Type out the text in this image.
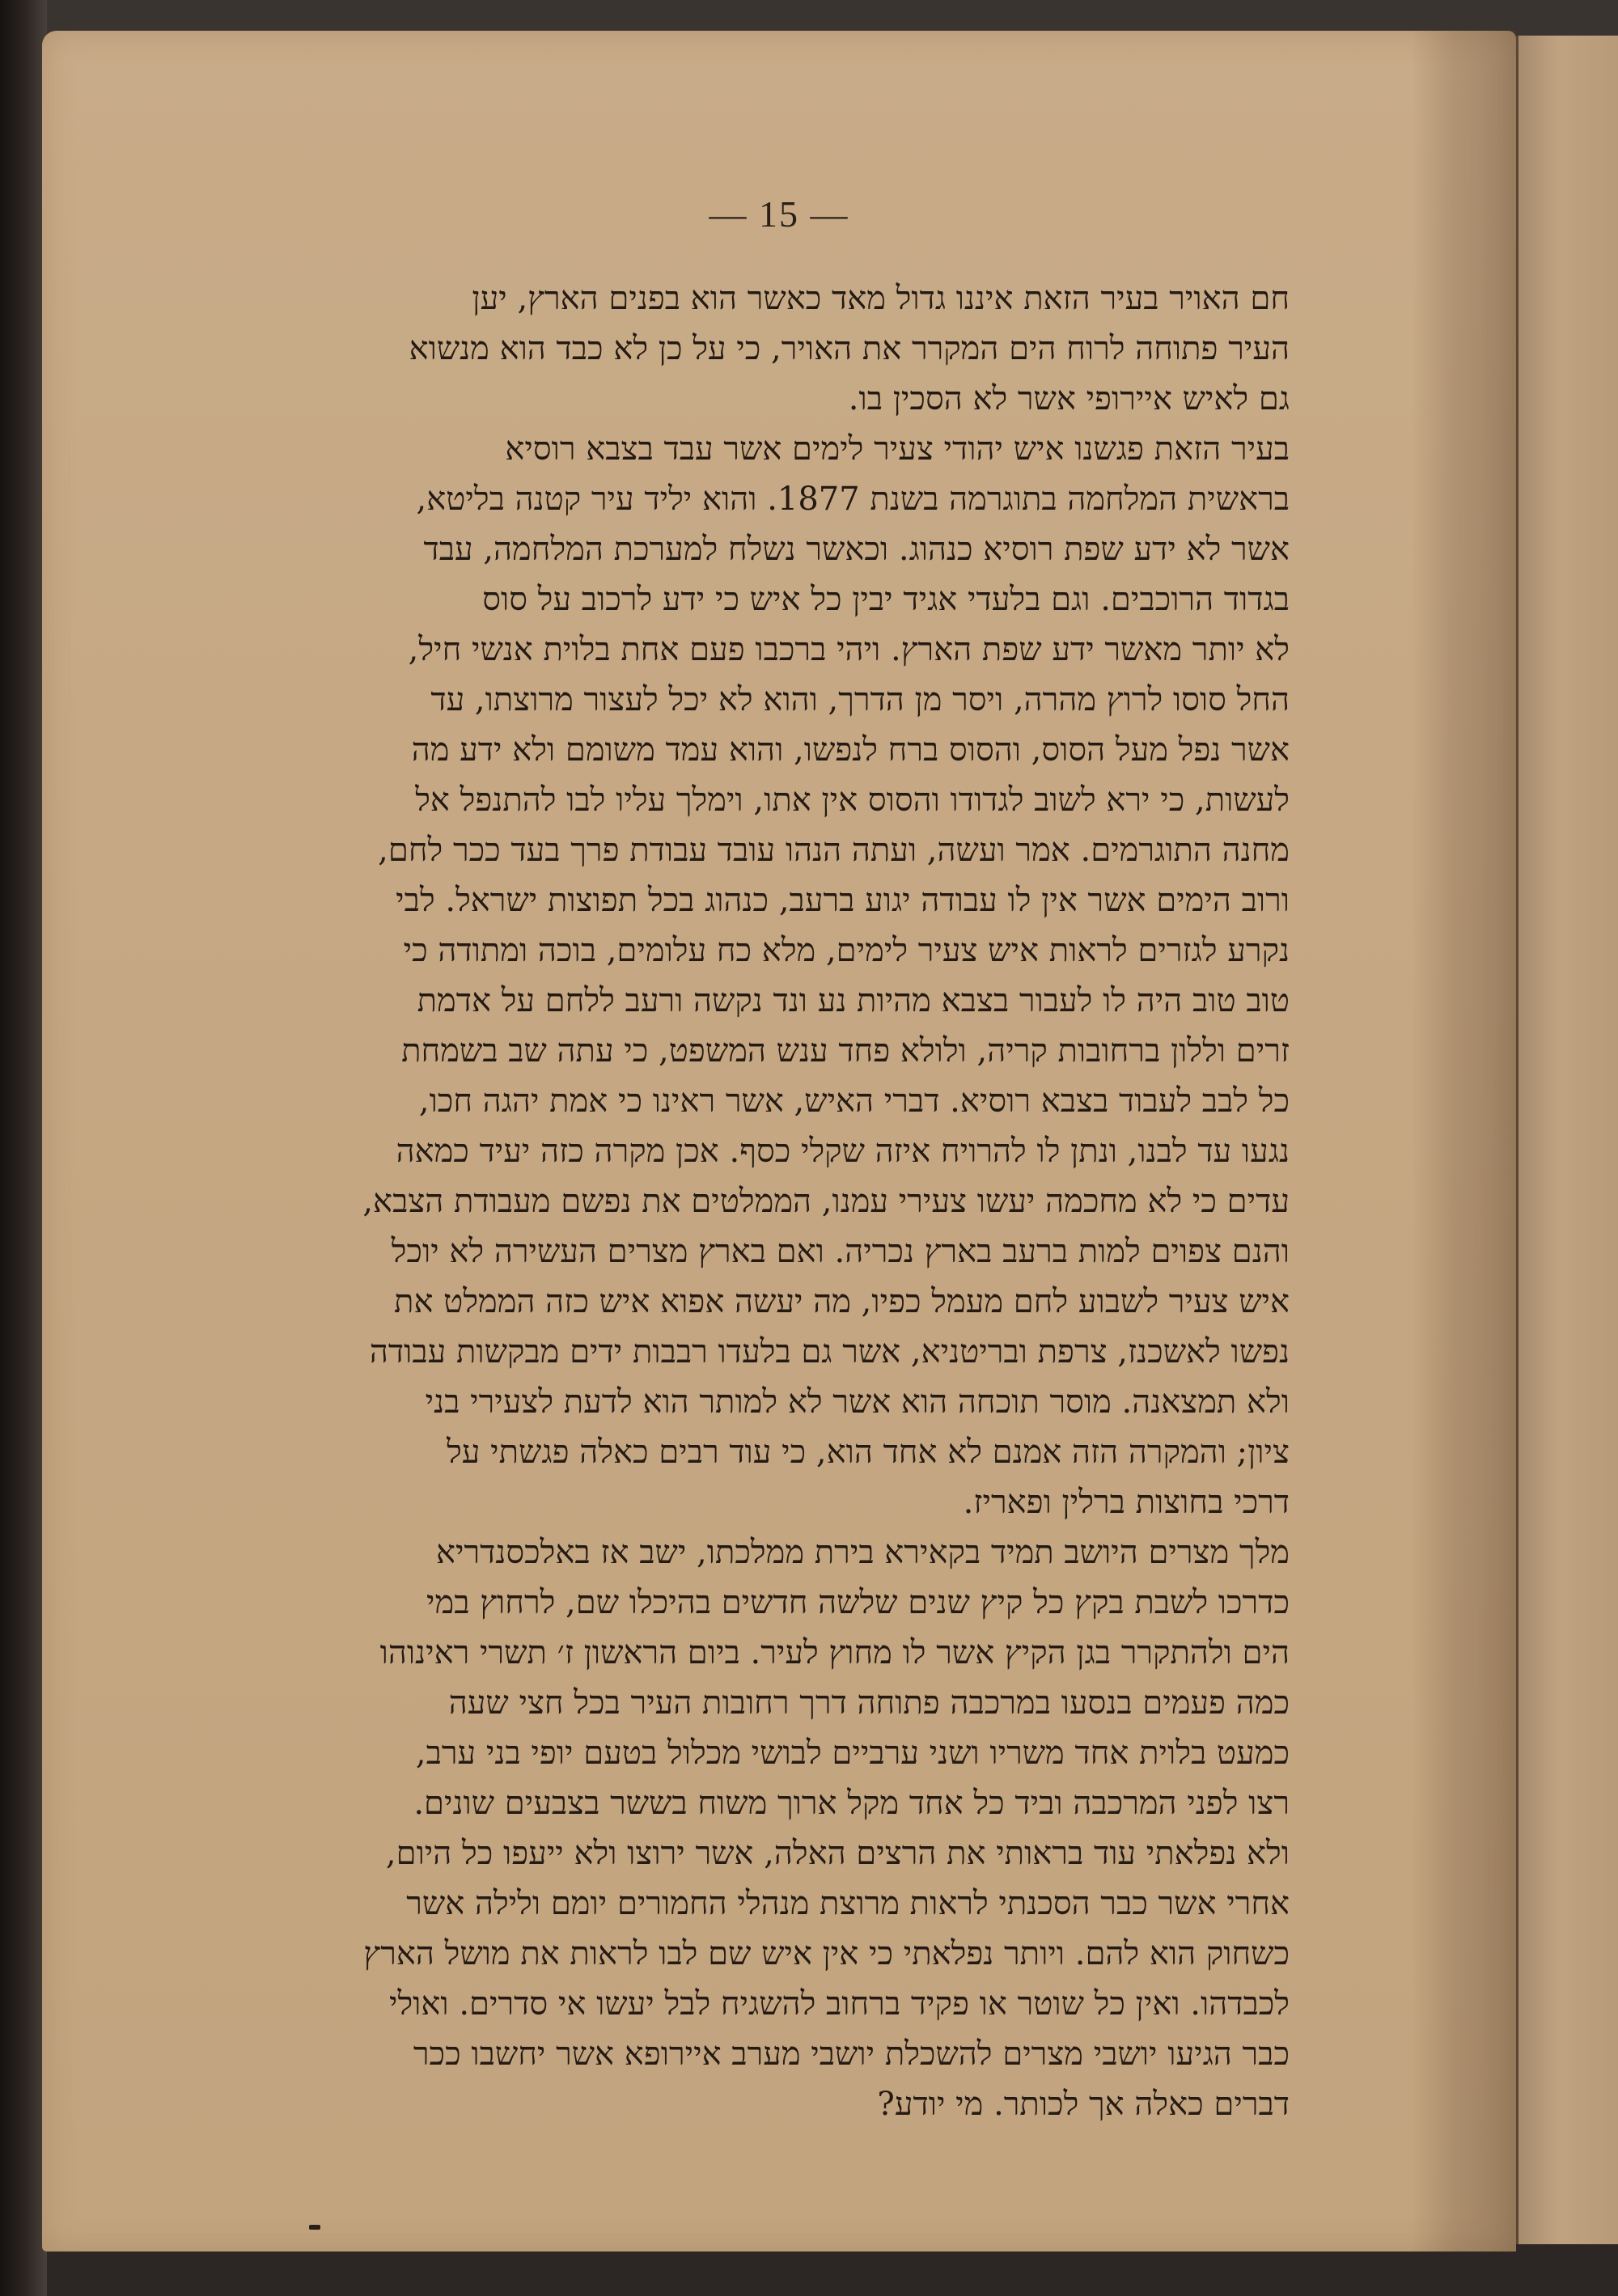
— 15 —
חם האויר בעיר הזאת איננו גדול מאד כאשר הוא בפנים הארץ, יען
העיר פתוחה לרוח הים המקרר את האויר, כי על כן לא כבד הוא מנשוא
גם לאיש איירופי אשר לא הסכין בו.
בעיר הזאת פגשנו איש יהודי צעיר לימים אשר עבד בצבא רוסיא
בראשית המלחמה בתוגרמה בשנת 1877. והוא יליד עיר קטנה בליטא,
אשר לא ידע שפת רוסיא כנהוג. וכאשר נשלח למערכת המלחמה, עבד
בגדוד הרוכבים. וגם בלעדי אגיד יבין כל איש כי ידע לרכוב על סוס
לא יותר מאשר ידע שפת הארץ. ויהי ברכבו פעם אחת בלוית אנשי חיל,
החל סוסו לרוץ מהרה, ויסר מן הדרך, והוא לא יכל לעצור מרוצתו, עד
אשר נפל מעל הסוס, והסוס ברח לנפשו, והוא עמד משומם ולא ידע מה
לעשות, כי ירא לשוב לגדודו והסוס אין אתו, וימלך עליו לבו להתנפל אל
מחנה התוגרמים. אמר ועשה, ועתה הנהו עובד עבודת פרך בעד ככר לחם,
ורוב הימים אשר אין לו עבודה יגוע ברעב, כנהוג בכל תפוצות ישראל. לבי
נקרע לגזרים לראות איש צעיר לימים, מלא כח עלומים, בוכה ומתודה כי
טוב טוב היה לו לעבור בצבא מהיות נע ונד נקשה ורעב ללחם על אדמת
זרים וללון ברחובות קריה, ולולא פחד ענש המשפט, כי עתה שב בשמחת
כל לבב לעבוד בצבא רוסיא. דברי האיש, אשר ראינו כי אמת יהגה חכו,
נגעו עד לבנו, ונתן לו להרויח איזה שקלי כסף. אכן מקרה כזה יעיד כמאה
עדים כי לא מחכמה יעשו צעירי עמנו, הממלטים את נפשם מעבודת הצבא,
והנם צפוים למות ברעב בארץ נכריה. ואם בארץ מצרים העשירה לא יוכל
איש צעיר לשבוע לחם מעמל כפיו, מה יעשה אפוא איש כזה הממלט את
נפשו לאשכנז, צרפת ובריטניא, אשר גם בלעדו רבבות ידים מבקשות עבודה
ולא תמצאנה. מוסר תוכחה הוא אשר לא למותר הוא לדעת לצעירי בני
ציון; והמקרה הזה אמנם לא אחד הוא, כי עוד רבים כאלה פגשתי על
דרכי בחוצות ברלין ופאריז.
מלך מצרים היושב תמיד בקאירא בירת ממלכתו, ישב אז באלכסנדריא
כדרכו לשבת בקץ כל קיץ שנים שלשה חדשים בהיכלו שם, לרחוץ במי
הים ולהתקרר בגן הקיץ אשר לו מחוץ לעיר. ביום הראשון ז׳ תשרי ראינוהו
כמה פעמים בנסעו במרכבה פתוחה דרך רחובות העיר בכל חצי שעה
כמעט בלוית אחד משריו ושני ערביים לבושי מכלול בטעם יופי בני ערב,
רצו לפני המרכבה וביד כל אחד מקל ארוך משוח בששר בצבעים שונים.
ולא נפלאתי עוד בראותי את הרצים האלה, אשר ירוצו ולא ייעפו כל היום,
אחרי אשר כבר הסכנתי לראות מרוצת מנהלי החמורים יומם ולילה אשר
כשחוק הוא להם. ויותר נפלאתי כי אין איש שם לבו לראות את מושל הארץ
לכבדהו. ואין כל שוטר או פקיד ברחוב להשגיח לבל יעשו אי סדרים. ואולי
כבר הגיעו יושבי מצרים להשכלת יושבי מערב איירופא אשר יחשבו ככר
דברים כאלה אך לכותר. מי יודע?
